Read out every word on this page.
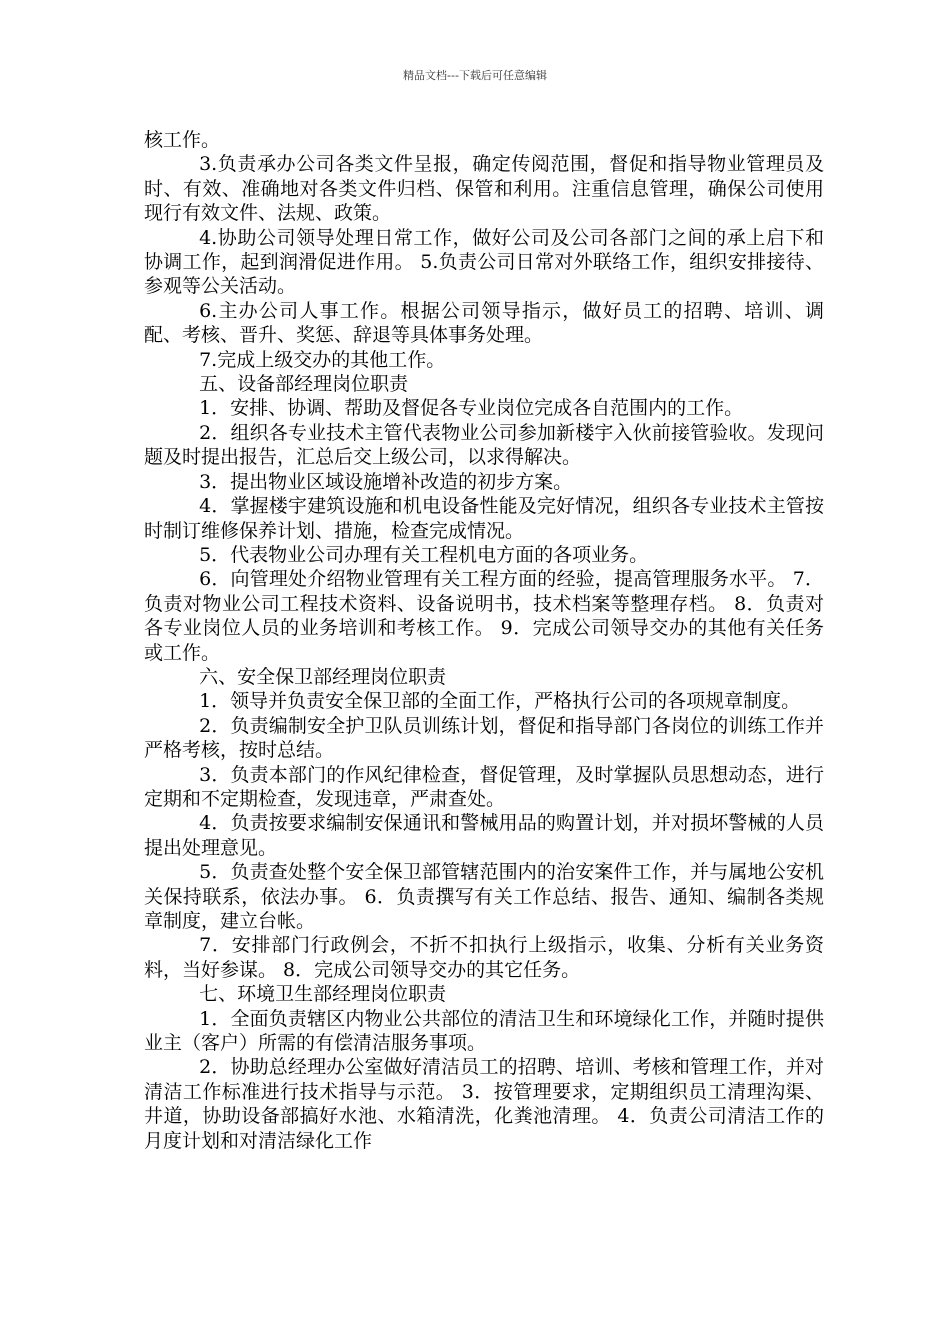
精品文档---下载后可任意编辑

核工作。

3.负责承办公司各类文件呈报，确定传阅范围，督促和指导物业管理员及时、有效、准确地对各类文件归档、保管和利用。注重信息管理，确保公司使用现行有效文件、法规、政策。

4.协助公司领导处理日常工作，做好公司及公司各部门之间的承上启下和协调工作，起到润滑促进作用。 5.负责公司日常对外联络工作，组织安排接待、参观等公关活动。

6.主办公司人事工作。根据公司领导指示，做好员工的招聘、培训、调配、考核、晋升、奖惩、辞退等具体事务处理。

7.完成上级交办的其他工作。

五、设备部经理岗位职责

1．安排、协调、帮助及督促各专业岗位完成各自范围内的工作。

2．组织各专业技术主管代表物业公司参加新楼宇入伙前接管验收。发现问题及时提出报告，汇总后交上级公司，以求得解决。

3．提出物业区域设施增补改造的初步方案。

4．掌握楼宇建筑设施和机电设备性能及完好情况，组织各专业技术主管按时制订维修保养计划、措施，检查完成情况。

5．代表物业公司办理有关工程机电方面的各项业务。

6．向管理处介绍物业管理有关工程方面的经验，提高管理服务水平。 7．负责对物业公司工程技术资料、设备说明书，技术档案等整理存档。 8．负责对各专业岗位人员的业务培训和考核工作。 9．完成公司领导交办的其他有关任务或工作。

六、安全保卫部经理岗位职责

1．领导并负责安全保卫部的全面工作，严格执行公司的各项规章制度。

2．负责编制安全护卫队员训练计划，督促和指导部门各岗位的训练工作并严格考核，按时总结。

3．负责本部门的作风纪律检查，督促管理，及时掌握队员思想动态，进行定期和不定期检查，发现违章，严肃查处。

4．负责按要求编制安保通讯和警械用品的购置计划，并对损坏警械的人员提出处理意见。

5．负责查处整个安全保卫部管辖范围内的治安案件工作，并与属地公安机关保持联系，依法办事。 6．负责撰写有关工作总结、报告、通知、编制各类规章制度，建立台帐。

7．安排部门行政例会，不折不扣执行上级指示，收集、分析有关业务资料，当好参谋。 8．完成公司领导交办的其它任务。

七、环境卫生部经理岗位职责

1．全面负责辖区内物业公共部位的清洁卫生和环境绿化工作，并随时提供业主（客户）所需的有偿清洁服务事项。

2．协助总经理办公室做好清洁员工的招聘、培训、考核和管理工作，并对清洁工作标准进行技术指导与示范。 3．按管理要求，定期组织员工清理沟渠、井道，协助设备部搞好水池、水箱清洗，化粪池清理。 4．负责公司清洁工作的月度计划和对清洁绿化工作
